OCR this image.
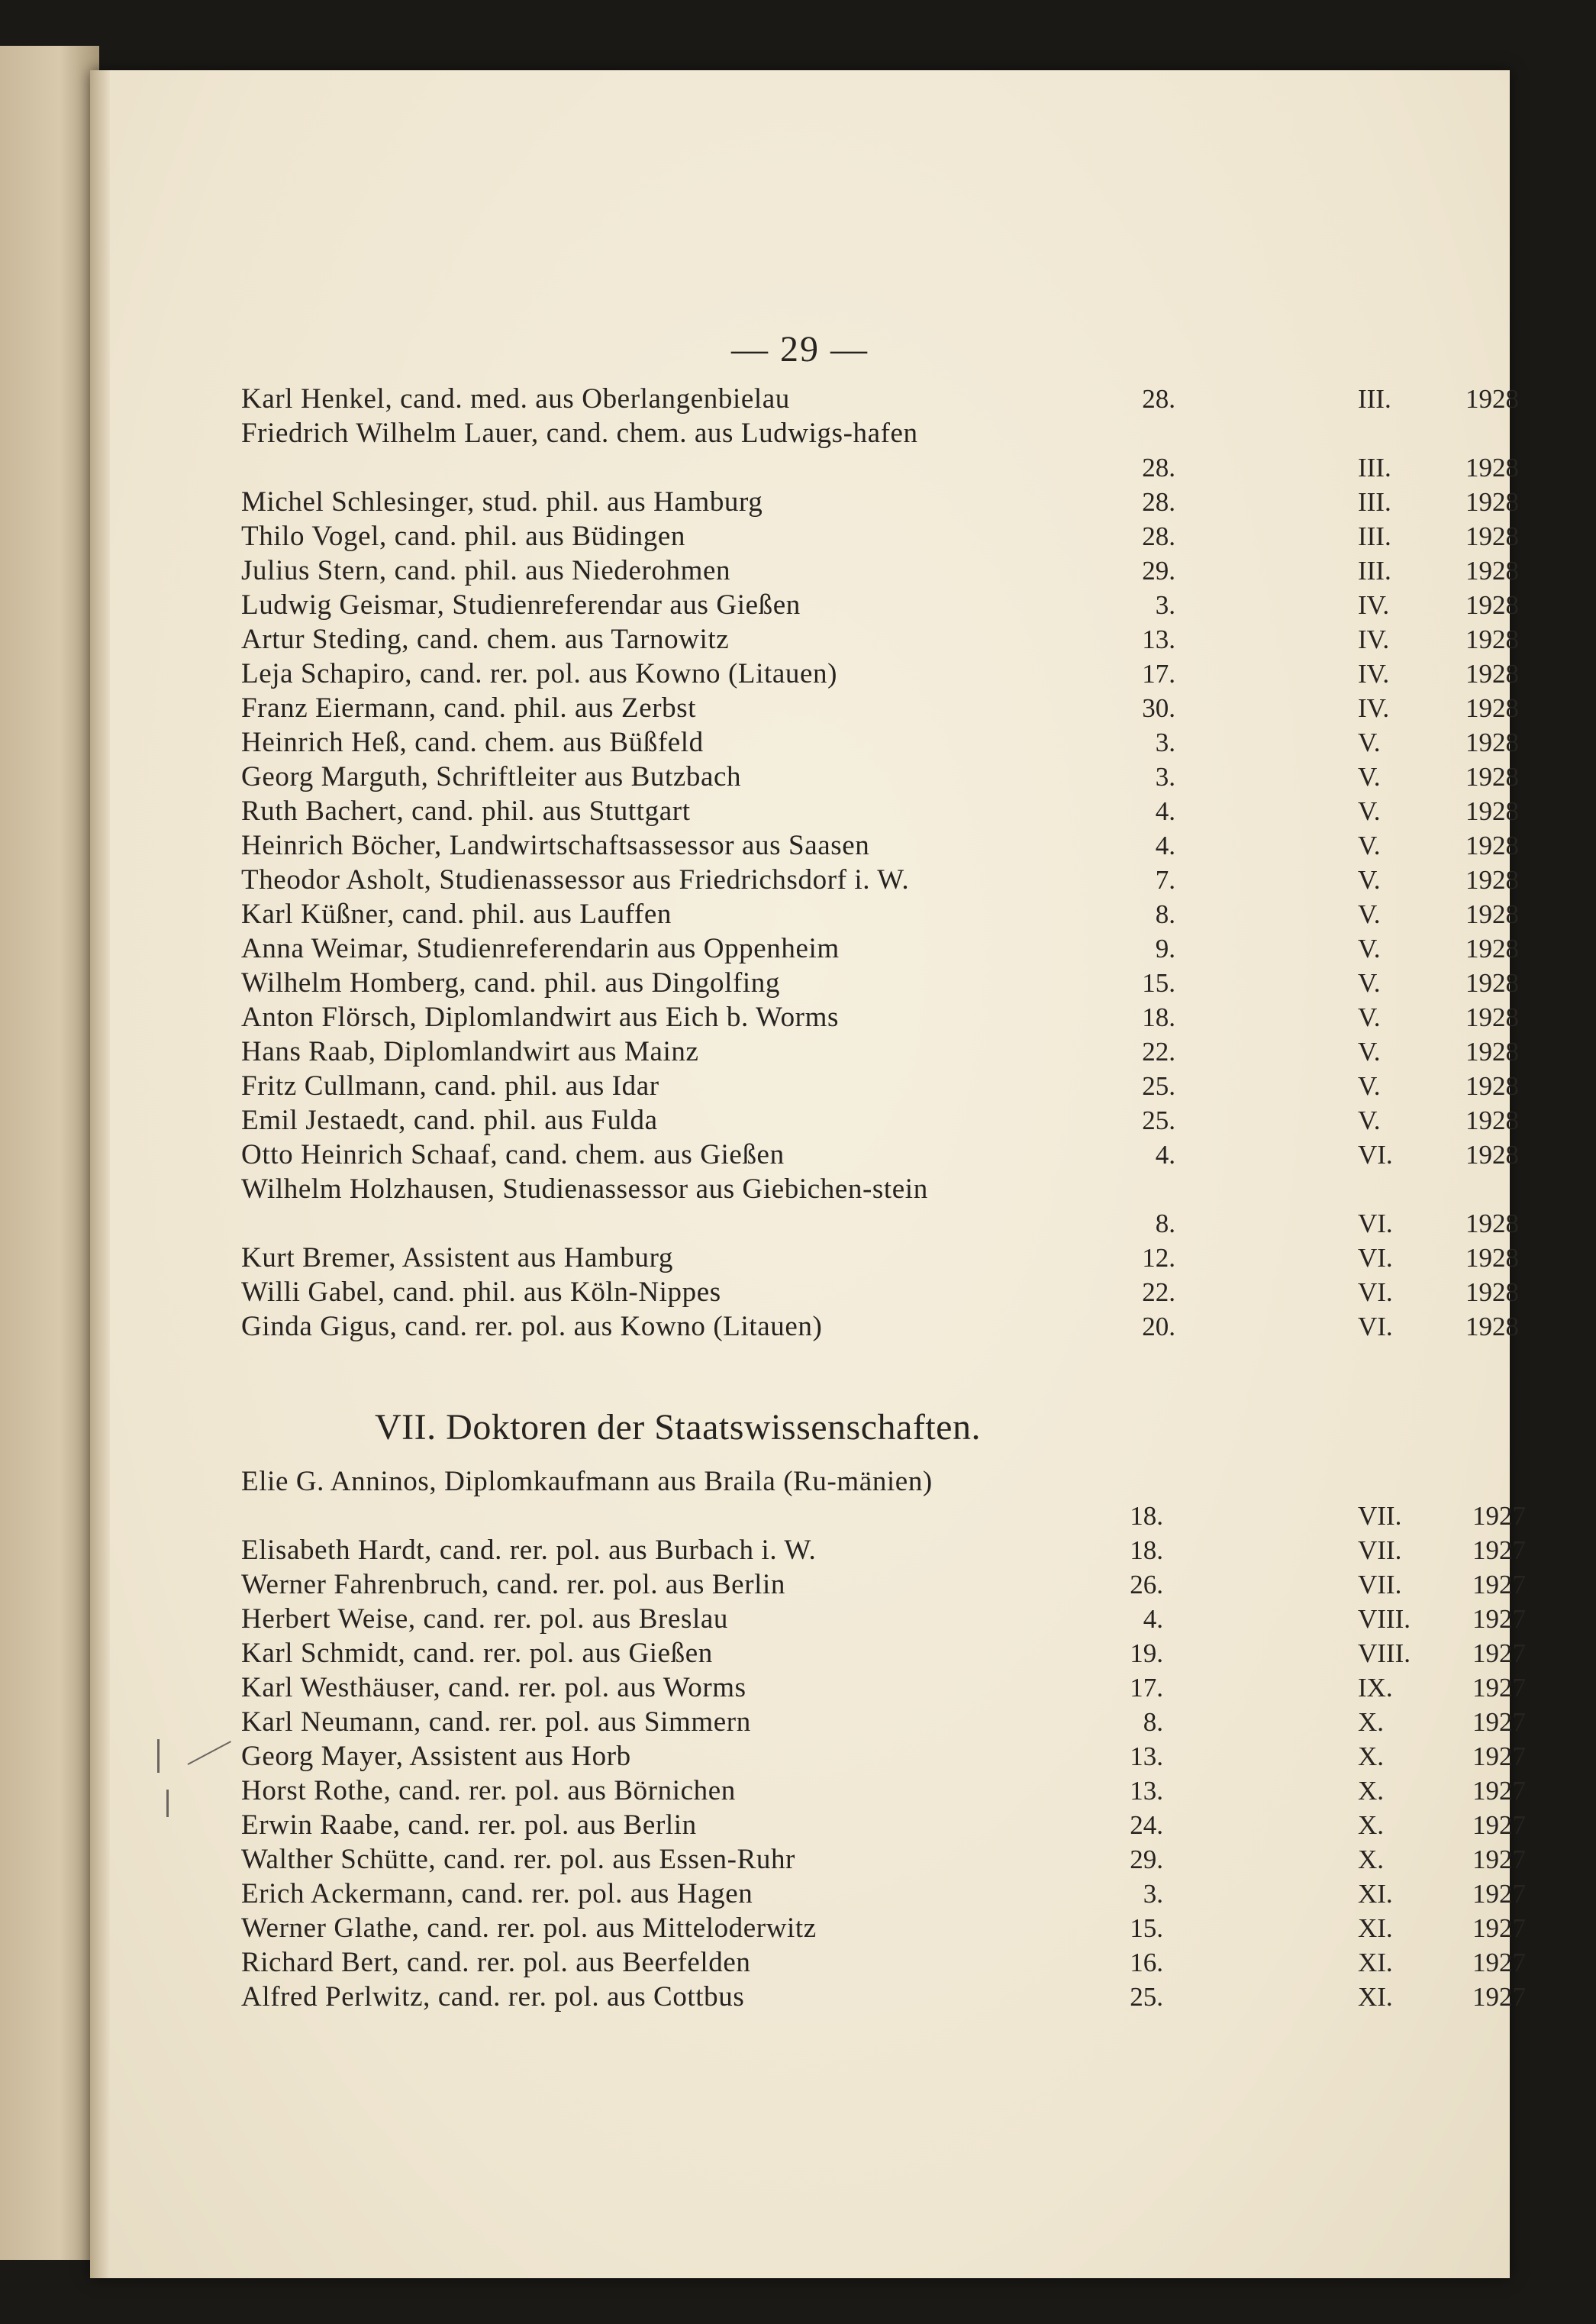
— 29 —
Karl Henkel, cand. med. aus Oberlangenbielau	28.	III.	1928
Friedrich Wilhelm Lauer, cand. chem. aus Ludwigs-hafen
28.	III.	1928
Michel Schlesinger, stud. phil. aus Hamburg	28.	III.	1928
Thilo Vogel, cand. phil. aus Büdingen	28.	III.	1928
Julius Stern, cand. phil. aus Niederohmen	29.	III.	1928
Ludwig Geismar, Studienreferendar aus Gießen	3.	IV.	1928
Artur Steding, cand. chem. aus Tarnowitz	13.	IV.	1928
Leja Schapiro, cand. rer. pol. aus Kowno (Litauen)	17.	IV.	1928
Franz Eiermann, cand. phil. aus Zerbst	30.	IV.	1928
Heinrich Heß, cand. chem. aus Büßfeld	3.	V.	1928
Georg Marguth, Schriftleiter aus Butzbach	3.	V.	1928
Ruth Bachert, cand. phil. aus Stuttgart	4.	V.	1928
Heinrich Böcher, Landwirtschaftsassessor aus Saasen	4.	V.	1928
Theodor Asholt, Studienassessor aus Friedrichsdorf i. W.	7.	V.	1928
Karl Küßner, cand. phil. aus Lauffen	8.	V.	1928
Anna Weimar, Studienreferendarin aus Oppenheim	9.	V.	1928
Wilhelm Homberg, cand. phil. aus Dingolfing	15.	V.	1928
Anton Flörsch, Diplomlandwirt aus Eich b. Worms	18.	V.	1928
Hans Raab, Diplomlandwirt aus Mainz	22.	V.	1928
Fritz Cullmann, cand. phil. aus Idar	25.	V.	1928
Emil Jestaedt, cand. phil. aus Fulda	25.	V.	1928
Otto Heinrich Schaaf, cand. chem. aus Gießen	4.	VI.	1928
Wilhelm Holzhausen, Studienassessor aus Giebichen-stein
8.	VI.	1928
Kurt Bremer, Assistent aus Hamburg	12.	VI.	1928
Willi Gabel, cand. phil. aus Köln-Nippes	22.	VI.	1928
Ginda Gigus, cand. rer. pol. aus Kowno (Litauen)	20.	VI.	1928
VII. Doktoren der Staatswissenschaften.
Elie G. Anninos, Diplomkaufmann aus Braila (Ru-mänien)
18.	VII.	1927
Elisabeth Hardt, cand. rer. pol. aus Burbach i. W.	18.	VII.	1927
Werner Fahrenbruch, cand. rer. pol. aus Berlin	26.	VII.	1927
Herbert Weise, cand. rer. pol. aus Breslau	4.	VIII. 1927
Karl Schmidt, cand. rer. pol. aus Gießen	19.	VIII. 1927
Karl Westhäuser, cand. rer. pol. aus Worms	17.	IX.	1927
Karl Neumann, cand. rer. pol. aus Simmern	8.	X.	1927
Georg Mayer, Assistent aus Horb	13.	X.	1927
Horst Rothe, cand. rer. pol. aus Börnichen	13.	X.	1927
Erwin Raabe, cand. rer. pol. aus Berlin	24.	X.	1927
Walther Schütte, cand. rer. pol. aus Essen-Ruhr	29.	X.	1927
Erich Ackermann, cand. rer. pol. aus Hagen	3.	XI.	1927
Werner Glathe, cand. rer. pol. aus Mitteloderwitz	15.	XI.	1927
Richard Bert, cand. rer. pol. aus Beerfelden	16.	XI.	1927
Alfred Perlwitz, cand. rer. pol. aus Cottbus	25.	XI.	1927
